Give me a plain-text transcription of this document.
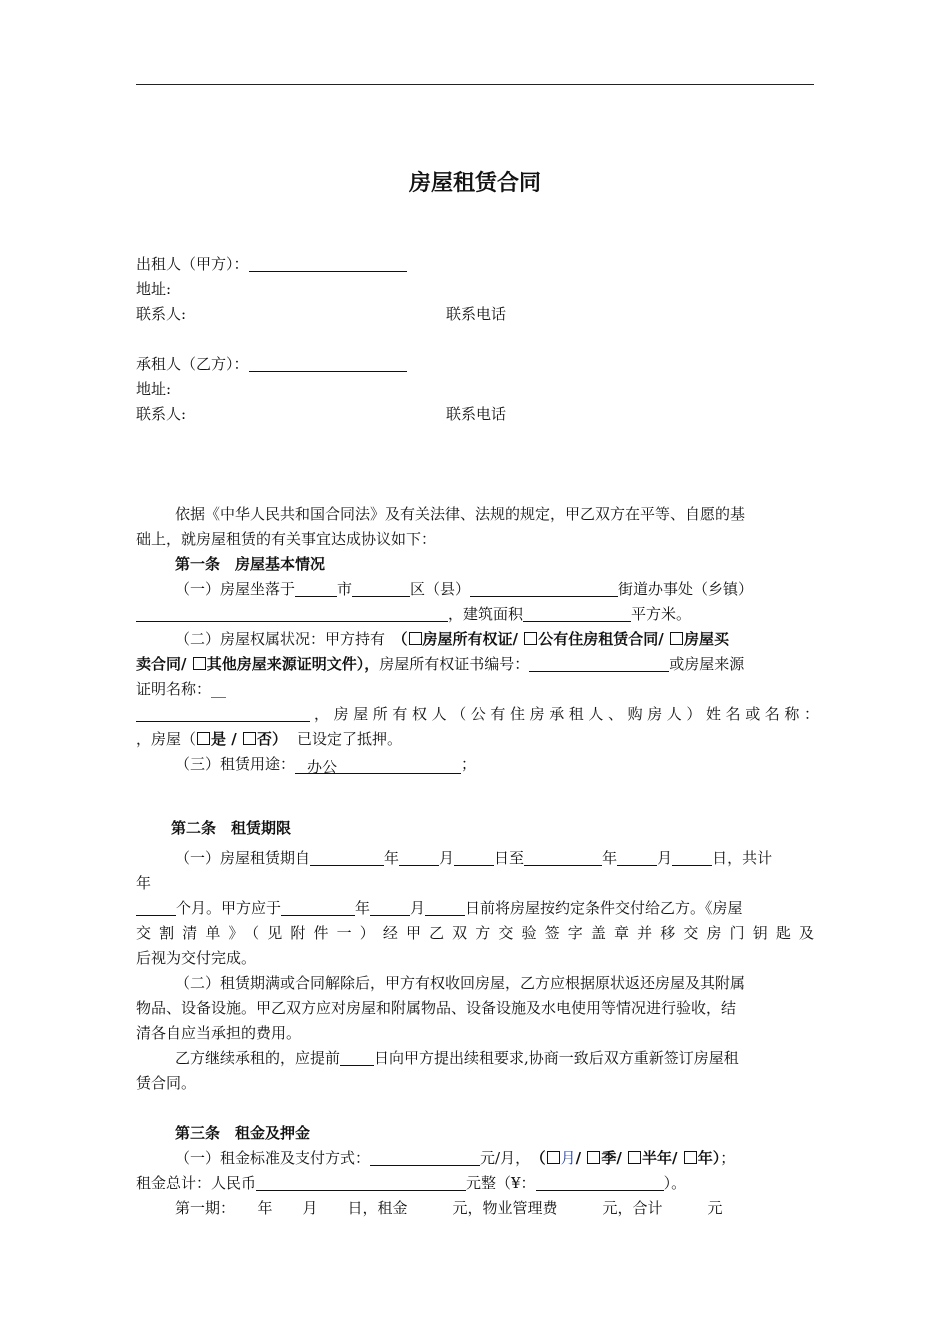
房屋租赁合同
出租人（甲方）：
地址:
联系人:	联系电话
承租人（乙方）：
地址:
联系人:	联系电话
依据《中华人民共和国合同法》及有关法律、法规的规定，甲乙双方在平等、自愿的基
础上，就房屋租赁的有关事宜达成协议如下：
第一条　房屋基本情况
（一）房屋坐落于	市	区（县）	街道办事处（乡镇）
，建筑面积	平方米。
（二）房屋权属状况：甲方持有　（ 房屋所有权证/ 公有住房租赁合同/ 房屋买
卖合同/ 其他房屋来源证明文件），房屋所有权证书编号：	或房屋来源
证明名称：__
，房屋所有权人（公有住房承租人、购房人）姓名或名称：
，房屋（ 是 / 否） 已设定了抵押。
（三）租赁用途： 办公	；
第二条　租赁期限
（一）房屋租赁期自	年	月	日至	年	月	日，共计
年
个月。甲方应于	年	月	日前将房屋按约定条件交付给乙方。《房屋
交割清单》（见附件一）经甲乙双方交验签字盖章并移交房门钥匙及
后视为交付完成。
（二）租赁期满或合同解除后，甲方有权收回房屋，乙方应根据原状返还房屋及其附属
物品、设备设施。甲乙双方应对房屋和附属物品、设备设施及水电使用等情况进行验收，结
清各自应当承担的费用。
乙方继续承租的，应提前 日向甲方提出续租要求,协商一致后双方重新签订房屋租
赁合同。
第三条　租金及押金
（一）租金标准及支付方式：	元/月， （ 月/ 季/ 半年/ 年）；
租金总计：人民币	元整（¥：	）。
第一期：　　年　　月　　日，租金　　　元，物业管理费　　　元，合计　　　元
